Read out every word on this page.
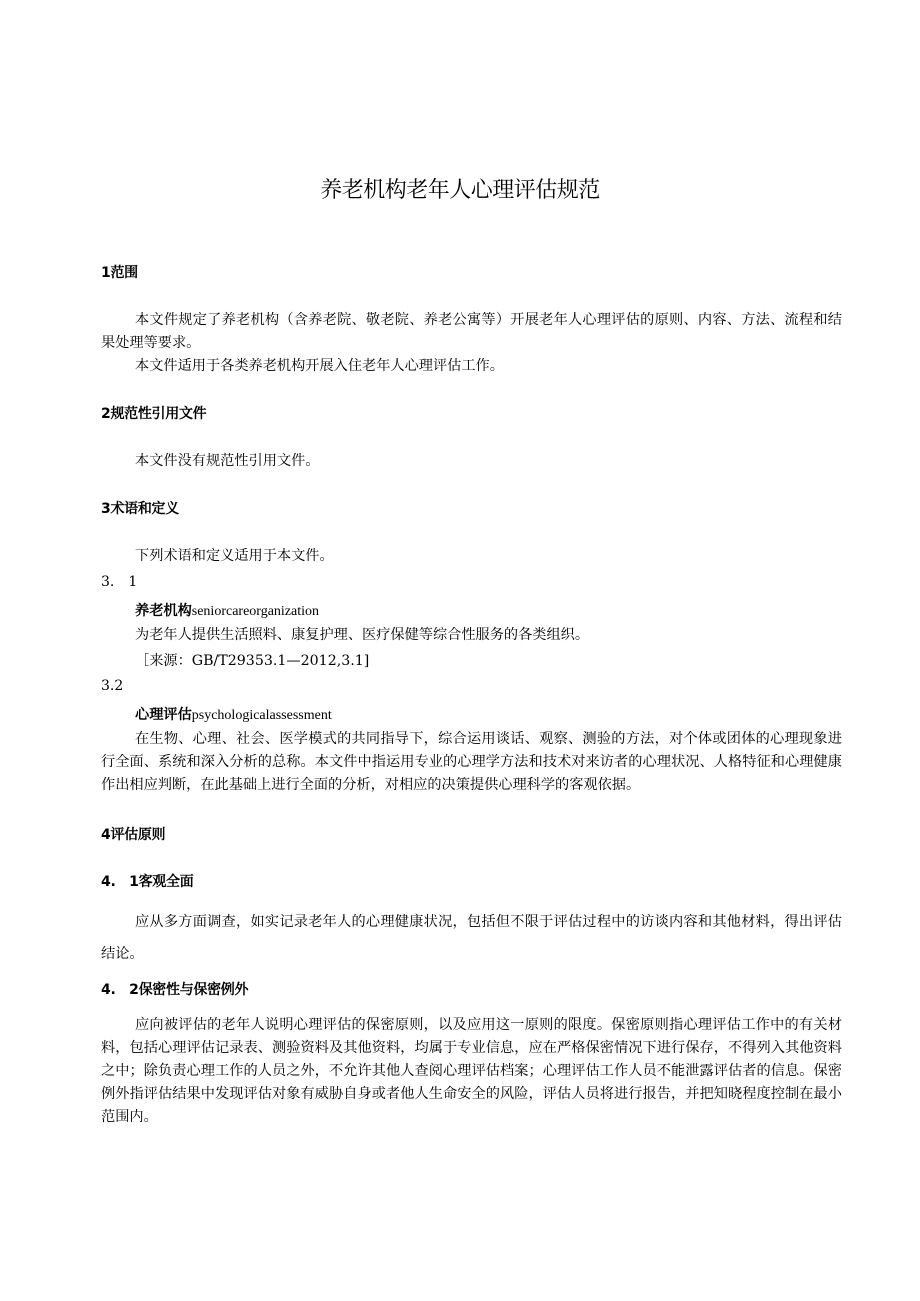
养老机构老年人心理评估规范
1范围
本文件规定了养老机构（含养老院、敬老院、养老公寓等）开展老年人心理评估的原则、内容、方法、流程和结果处理等要求。
本文件适用于各类养老机构开展入住老年人心理评估工作。
2规范性引用文件
本文件没有规范性引用文件。
3术语和定义
下列术语和定义适用于本文件。
3.　1
养老机构seniorcareorganization
为老年人提供生活照料、康复护理、医疗保健等综合性服务的各类组织。
［来源：GB/T29353.1—2012,3.1]
3.2
心理评估psychologicalassessment
在生物、心理、社会、医学模式的共同指导下，综合运用谈话、观察、测验的方法，对个体或团体的心理现象进行全面、系统和深入分析的总称。本文件中指运用专业的心理学方法和技术对来访者的心理状况、人格特征和心理健康作出相应判断，在此基础上进行全面的分析，对相应的决策提供心理科学的客观依据。
4评估原则
4.　1客观全面
应从多方面调查，如实记录老年人的心理健康状况，包括但不限于评估过程中的访谈内容和其他材料，得出评估结论。
4.　2保密性与保密例外
应向被评估的老年人说明心理评估的保密原则，以及应用这一原则的限度。保密原则指心理评估工作中的有关材料，包括心理评估记录表、测验资料及其他资料，均属于专业信息，应在严格保密情况下进行保存，不得列入其他资料之中；除负责心理工作的人员之外，不允许其他人查阅心理评估档案；心理评估工作人员不能泄露评估者的信息。保密例外指评估结果中发现评估对象有威胁自身或者他人生命安全的风险，评估人员将进行报告，并把知晓程度控制在最小范围内。
